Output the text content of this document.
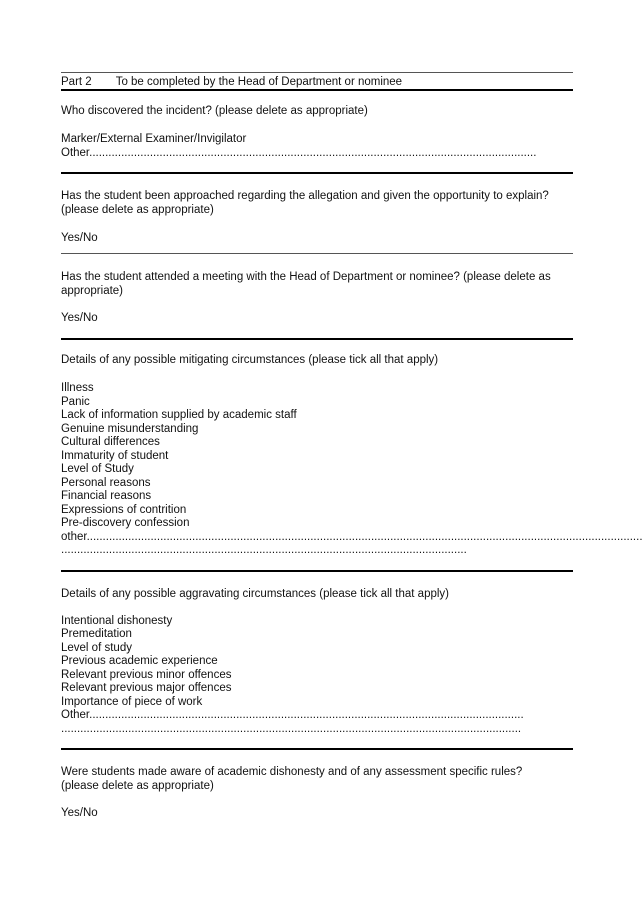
Part 2 To be completed by the Head of Department or nominee
Who discovered the incident? (please delete as appropriate)
Marker/External Examiner/Invigilator
Other............................................................................................................................................
Has the student been approached regarding the allegation and given the opportunity to explain?
(please delete as appropriate)
Yes/No
Has the student attended a meeting with the Head of Department or nominee? (please delete as
appropriate)
Yes/No
Details of any possible mitigating circumstances (please tick all that apply)
Illness
Panic
Lack of information supplied by academic staff
Genuine misunderstanding
Cultural differences
Immaturity of student
Level of Study
Personal reasons
Financial reasons
Expressions of contrition
Pre-discovery confession
other..............................................................................................................................................................................
...............................................................................................................................
Details of any possible aggravating circumstances (please tick all that apply)
Intentional dishonesty
Premeditation
Level of study
Previous academic experience
Relevant previous minor offences
Relevant previous major offences
Importance of piece of work
Other........................................................................................................................................
................................................................................................................................................
Were students made aware of academic dishonesty and of any assessment specific rules?
(please delete as appropriate)
Yes/No
